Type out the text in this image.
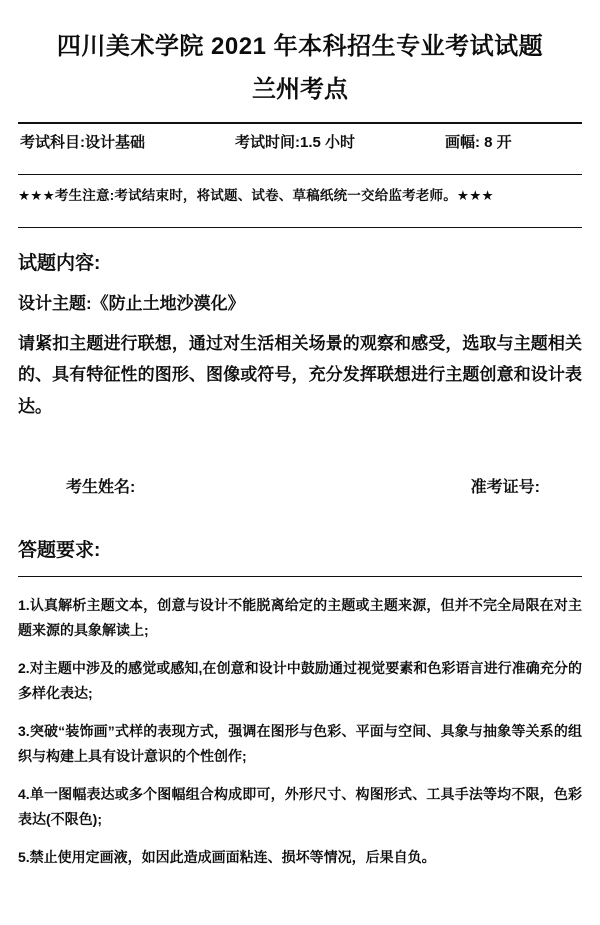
四川美术学院 2021 年本科招生专业考试试题
兰州考点
考试科目:设计基础	考试时间:1.5 小时	画幅: 8 开
★★★考生注意:考试结束时，将试题、试卷、草稿纸统一交给监考老师。★★★
试题内容:
设计主题:《防止土地沙漠化》

请紧扣主题进行联想，通过对生活相关场景的观察和感受，选取与主题相关的、具有特征性的图形、图像或符号，充分发挥联想进行主题创意和设计表达。

考生姓名:	准考证号:
答题要求:
1.认真解析主题文本，创意与设计不能脱离给定的主题或主题来源，但并不完全局限在对主题来源的具象解读上;
2.对主题中涉及的感觉或感知,在创意和设计中鼓励通过视觉要素和色彩语言进行准确充分的多样化表达;
3.突破“装饰画”式样的表现方式，强调在图形与色彩、平面与空间、具象与抽象等关系的组织与构建上具有设计意识的个性创作;
4.单一图幅表达或多个图幅组合构成即可，外形尺寸、构图形式、工具手法等均不限，色彩表达(不限色);
5.禁止使用定画液，如因此造成画面粘连、损坏等情况，后果自负。
